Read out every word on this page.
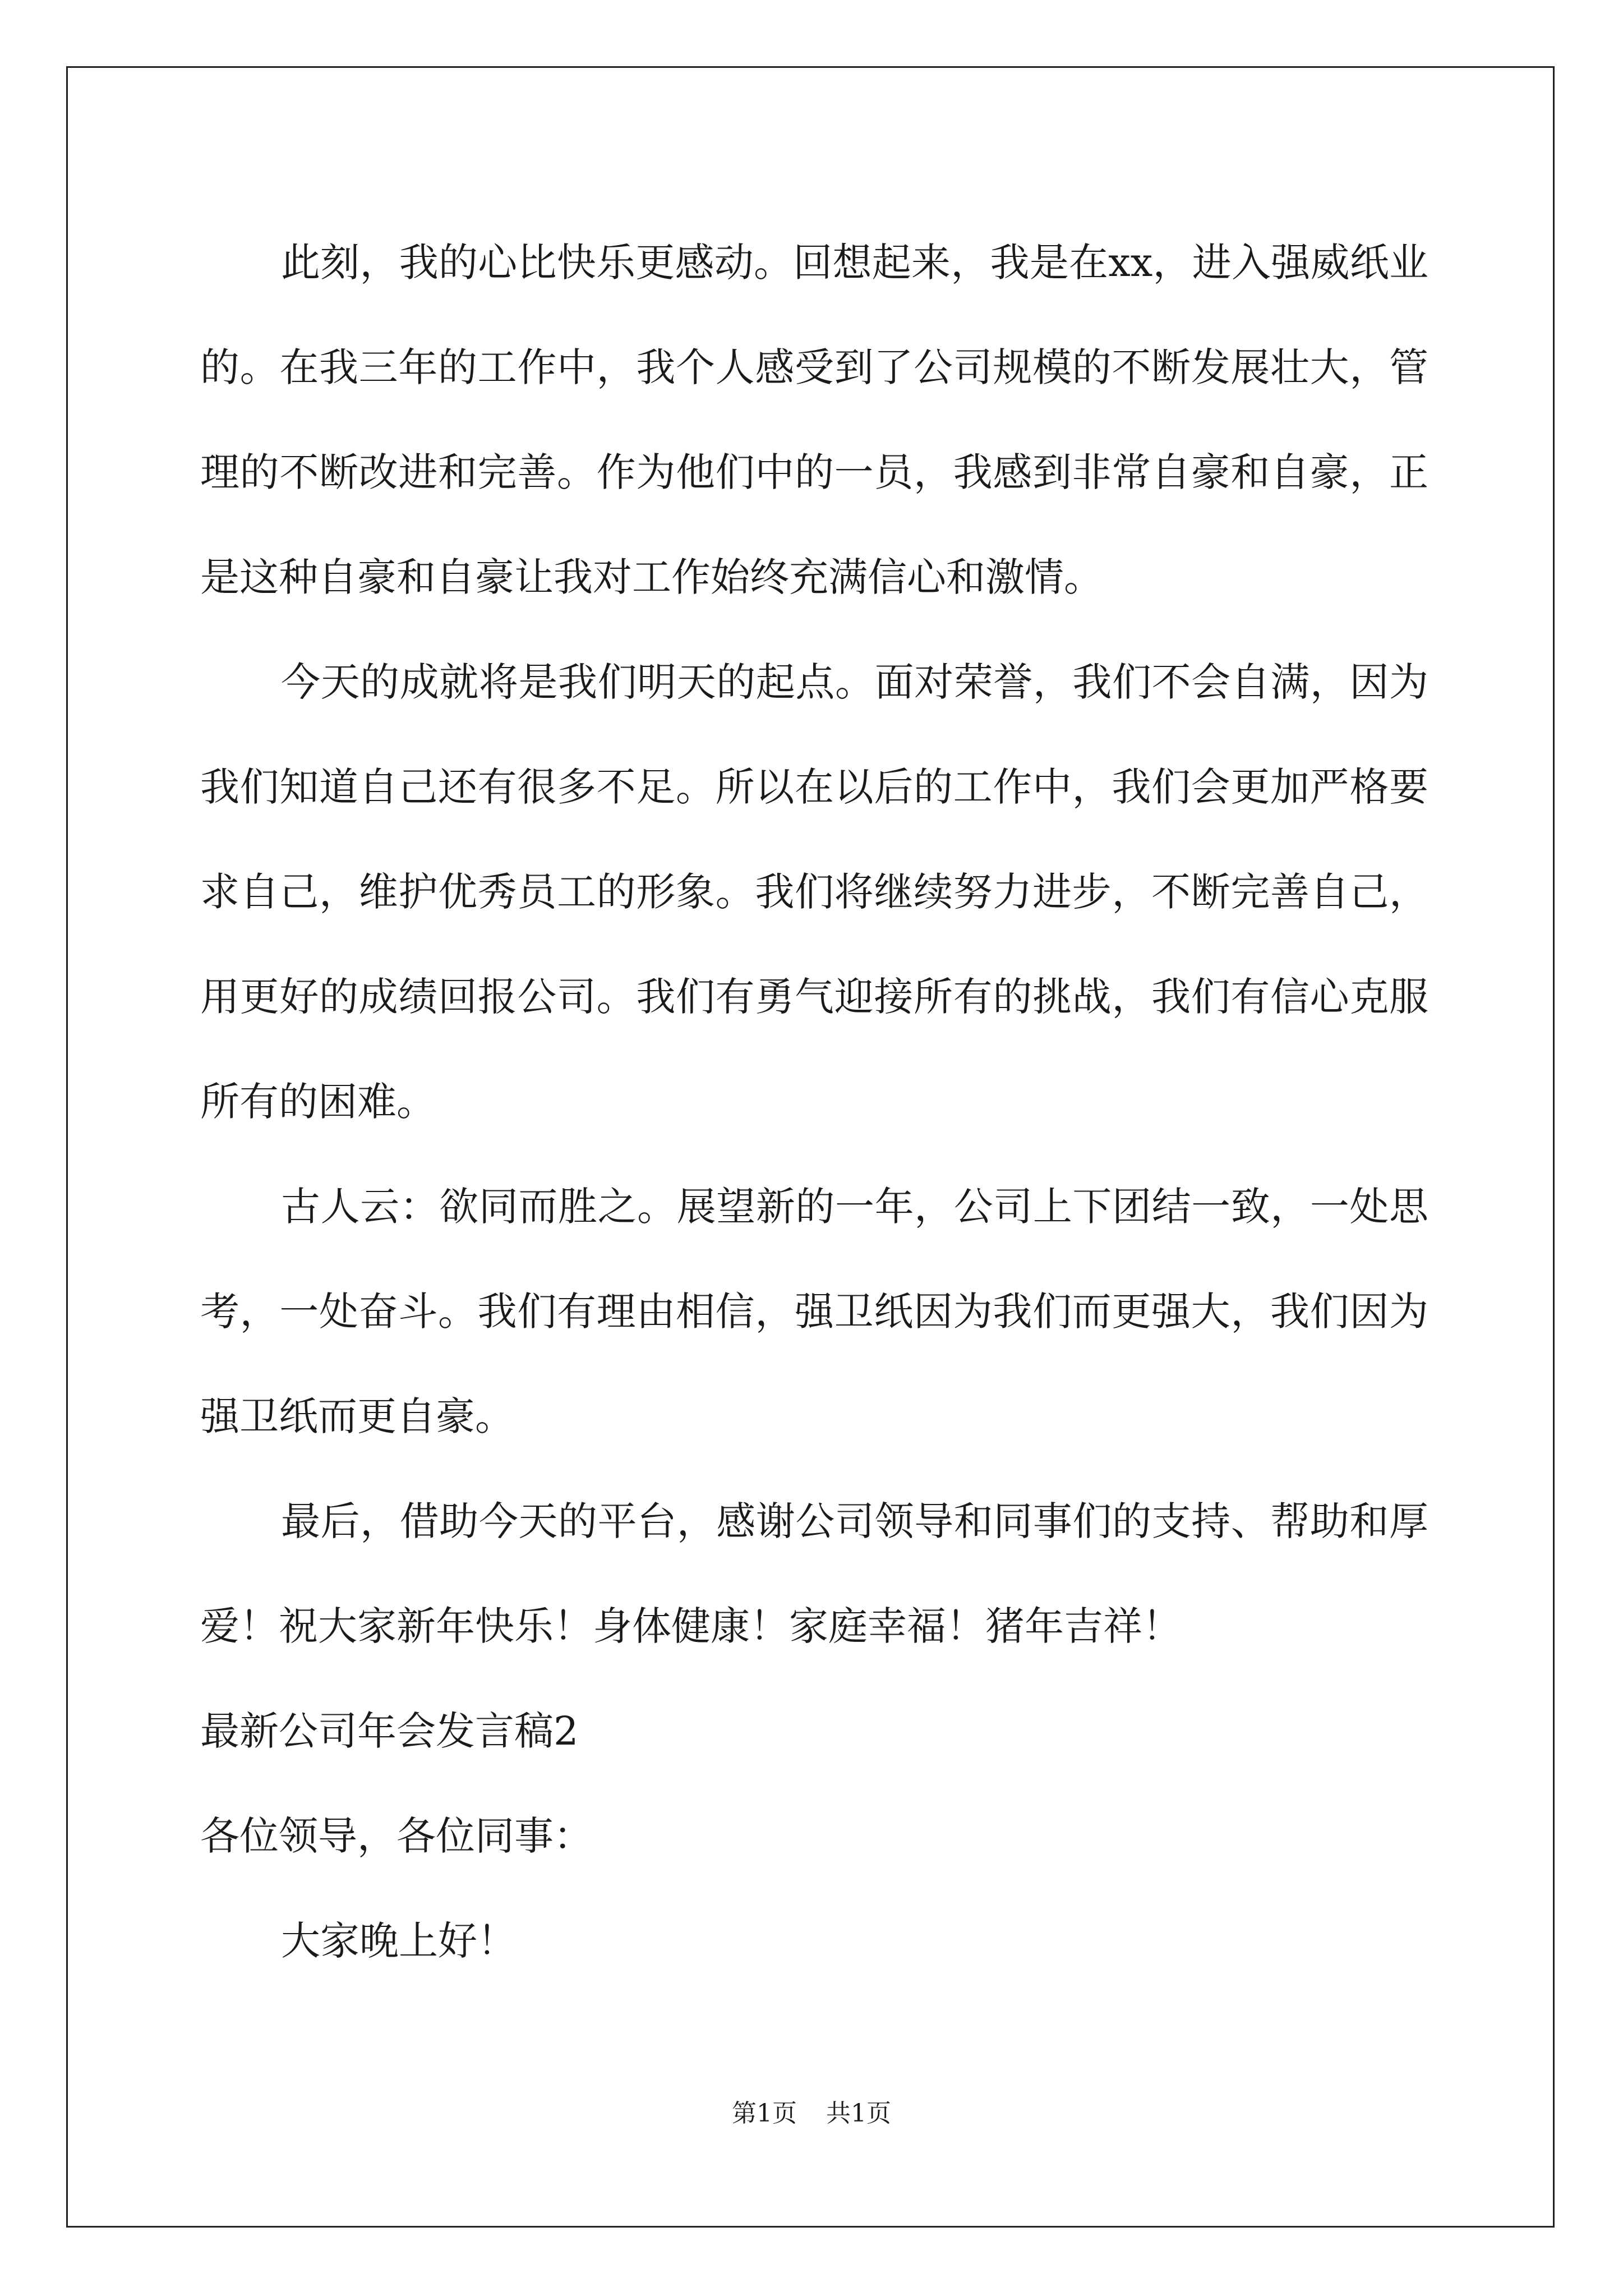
此刻，我的心比快乐更感动。回想起来，我是在xx，进入强威纸业的。在我三年的工作中，我个人感受到了公司规模的不断发展壮大，管理的不断改进和完善。作为他们中的一员，我感到非常自豪和自豪，正是这种自豪和自豪让我对工作始终充满信心和激情。

今天的成就将是我们明天的起点。面对荣誉，我们不会自满，因为我们知道自己还有很多不足。所以在以后的工作中，我们会更加严格要求自己，维护优秀员工的形象。我们将继续努力进步，不断完善自己，用更好的成绩回报公司。我们有勇气迎接所有的挑战，我们有信心克服所有的困难。

古人云：欲同而胜之。展望新的一年，公司上下团结一致，一处思考，一处奋斗。我们有理由相信，强卫纸因为我们而更强大，我们因为强卫纸而更自豪。

最后，借助今天的平台，感谢公司领导和同事们的支持、帮助和厚爱！祝大家新年快乐！身体健康！家庭幸福！猪年吉祥！

最新公司年会发言稿2

各位领导，各位同事：

大家晚上好！

第1页 共1页
